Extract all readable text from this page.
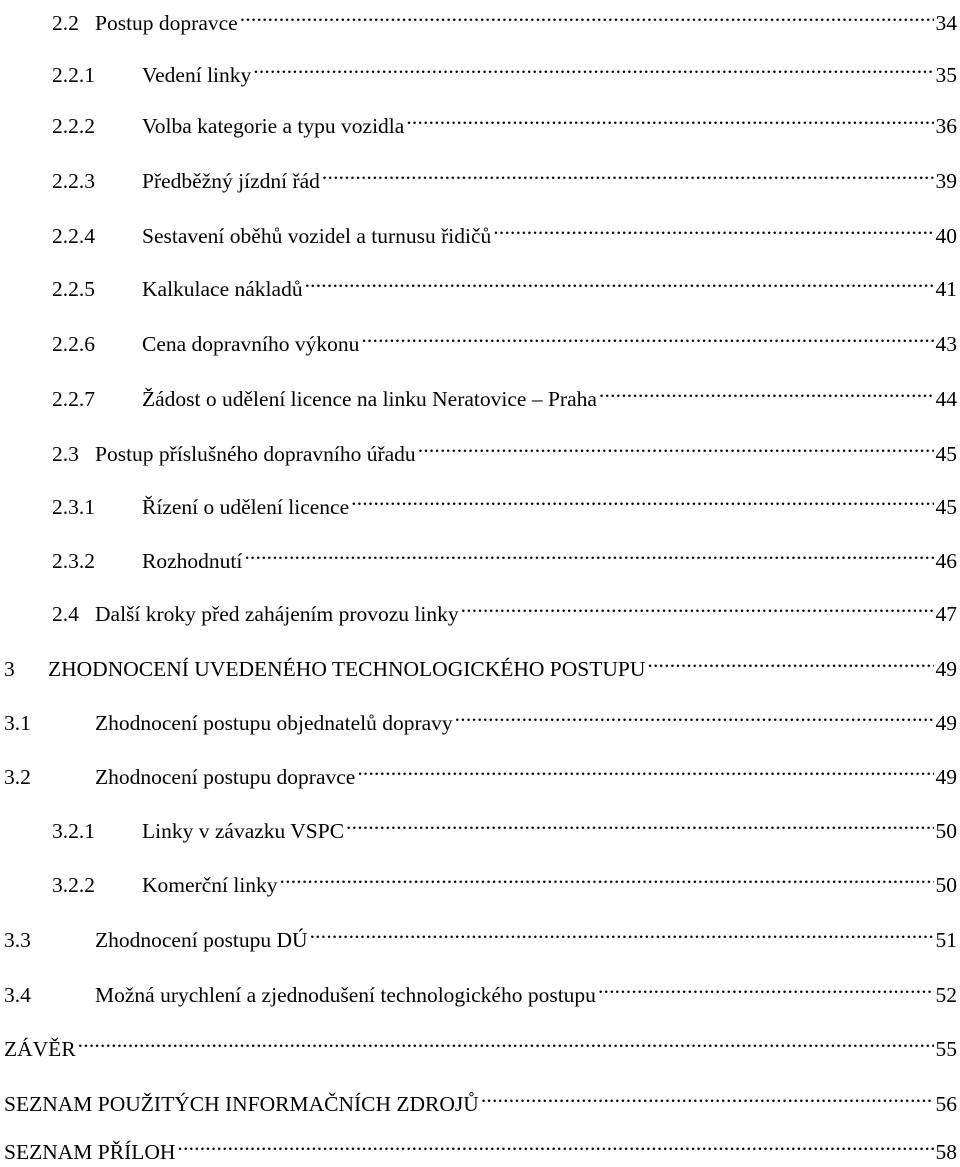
2.2 Postup dopravce .....	34
2.2.1	Vedení linky .....	35
2.2.2	Volba kategorie a typu vozidla .....	36
2.2.3	Předběžný jízdní řád .....	39
2.2.4	Sestavení oběhů vozidel a turnusu řidičů .....	40
2.2.5	Kalkulace nákladů .....	41
2.2.6	Cena dopravního výkonu .....	43
2.2.7	Žádost o udělení licence na linku Neratovice – Praha .....	44
2.3 Postup příslušného dopravního úřadu .....	45
2.3.1	Řízení o udělení licence .....	45
2.3.2	Rozhodnutí .....	46
2.4 Další kroky před zahájením provozu linky .....	47
3	ZHODNOCENÍ UVEDENÉHO TECHNOLOGICKÉHO POSTUPU .....	49
3.1	Zhodnocení postupu objednatelů dopravy .....	49
3.2	Zhodnocení postupu dopravce .....	49
3.2.1	Linky v závazku VSPC .....	50
3.2.2	Komerční linky .....	50
3.3	Zhodnocení postupu DÚ .....	51
3.4	Možná urychlení a zjednodušení technologického postupu .....	52
ZÁVĚR .....	55
SEZNAM POUŽITÝCH INFORMAČNÍCH ZDROJŮ .....	56
SEZNAM PŘÍLOH .....	58
